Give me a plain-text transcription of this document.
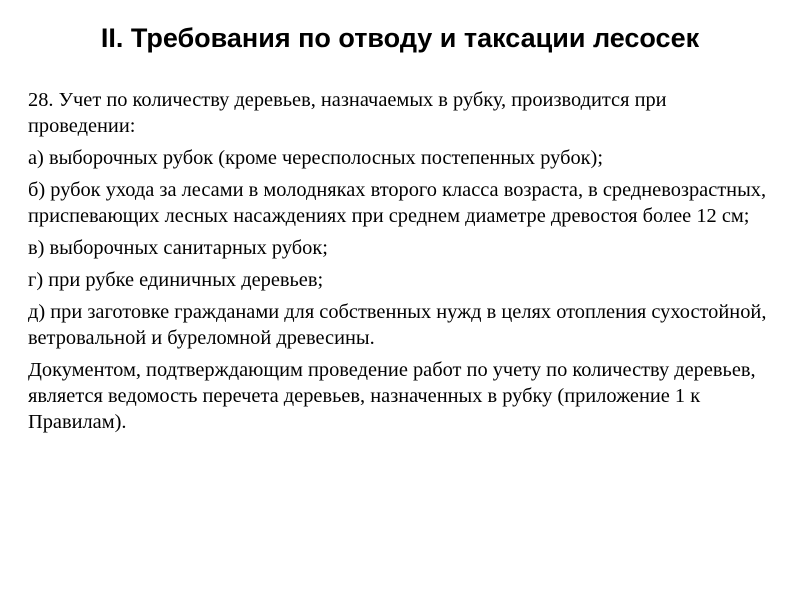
II. Требования по отводу и таксации лесосек

28. Учет по количеству деревьев, назначаемых в рубку, производится при проведении:

а) выборочных рубок (кроме чересполосных постепенных рубок);

б) рубок ухода за лесами в молодняках второго класса возраста, в средневозрастных, приспевающих лесных насаждениях при среднем диаметре древостоя более 12 см;

в) выборочных санитарных рубок;

г) при рубке единичных деревьев;

д) при заготовке гражданами для собственных нужд в целях отопления сухостойной, ветровальной и буреломной древесины.

Документом, подтверждающим проведение работ по учету по количеству деревьев, является ведомость перечета деревьев, назначенных в рубку (приложение 1 к Правилам).
